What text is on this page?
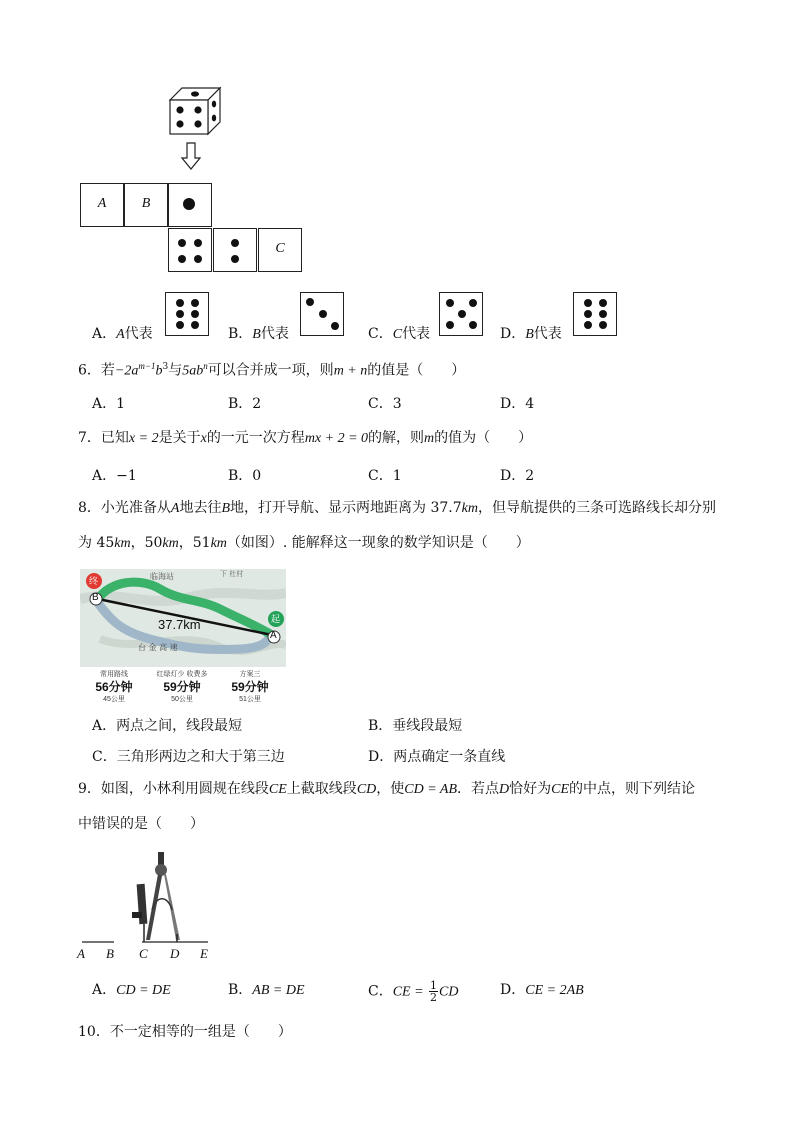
A	B
C
A．A代表	B．B代表	C．C代表	D．B代表
6．若$-2a^{m-1}b^3$与$5ab^n$可以合并成一项，则m + n的值是（　　）
A．1	B．2	C．3	D．4
7．已知x = 2是关于x的一元一次方程mx + 2 = 0的解，则m的值为（　　）
A．−1	B．0	C．1	D．2
8．小光准备从A地去往B地，打开导航、显示两地距离为 37.7km，但导航提供的三条可选路线长却分别
为 45km，50km，51km（如图）. 能解释这一现象的数学知识是（　　）
终
起
B
A
临海站	下 杜村
37.7km
台 金 高 速
常用路线
56分钟
45公里
红绿灯少 收费多
59分钟
50公里
方案三
59分钟
51公里
A．两点之间，线段最短	B．垂线段最短
C．三角形两边之和大于第三边	D．两点确定一条直线
9．如图，小林利用圆规在线段CE上截取线段CD，使CD = AB．若点D恰好为CE的中点，则下列结论
中错误的是（　　）
A B C D E
A．CD = DE	B．AB = DE	C．CE = $\frac{1}{2}$ CD	D．CE = 2AB
10．不一定相等的一组是（　　）
